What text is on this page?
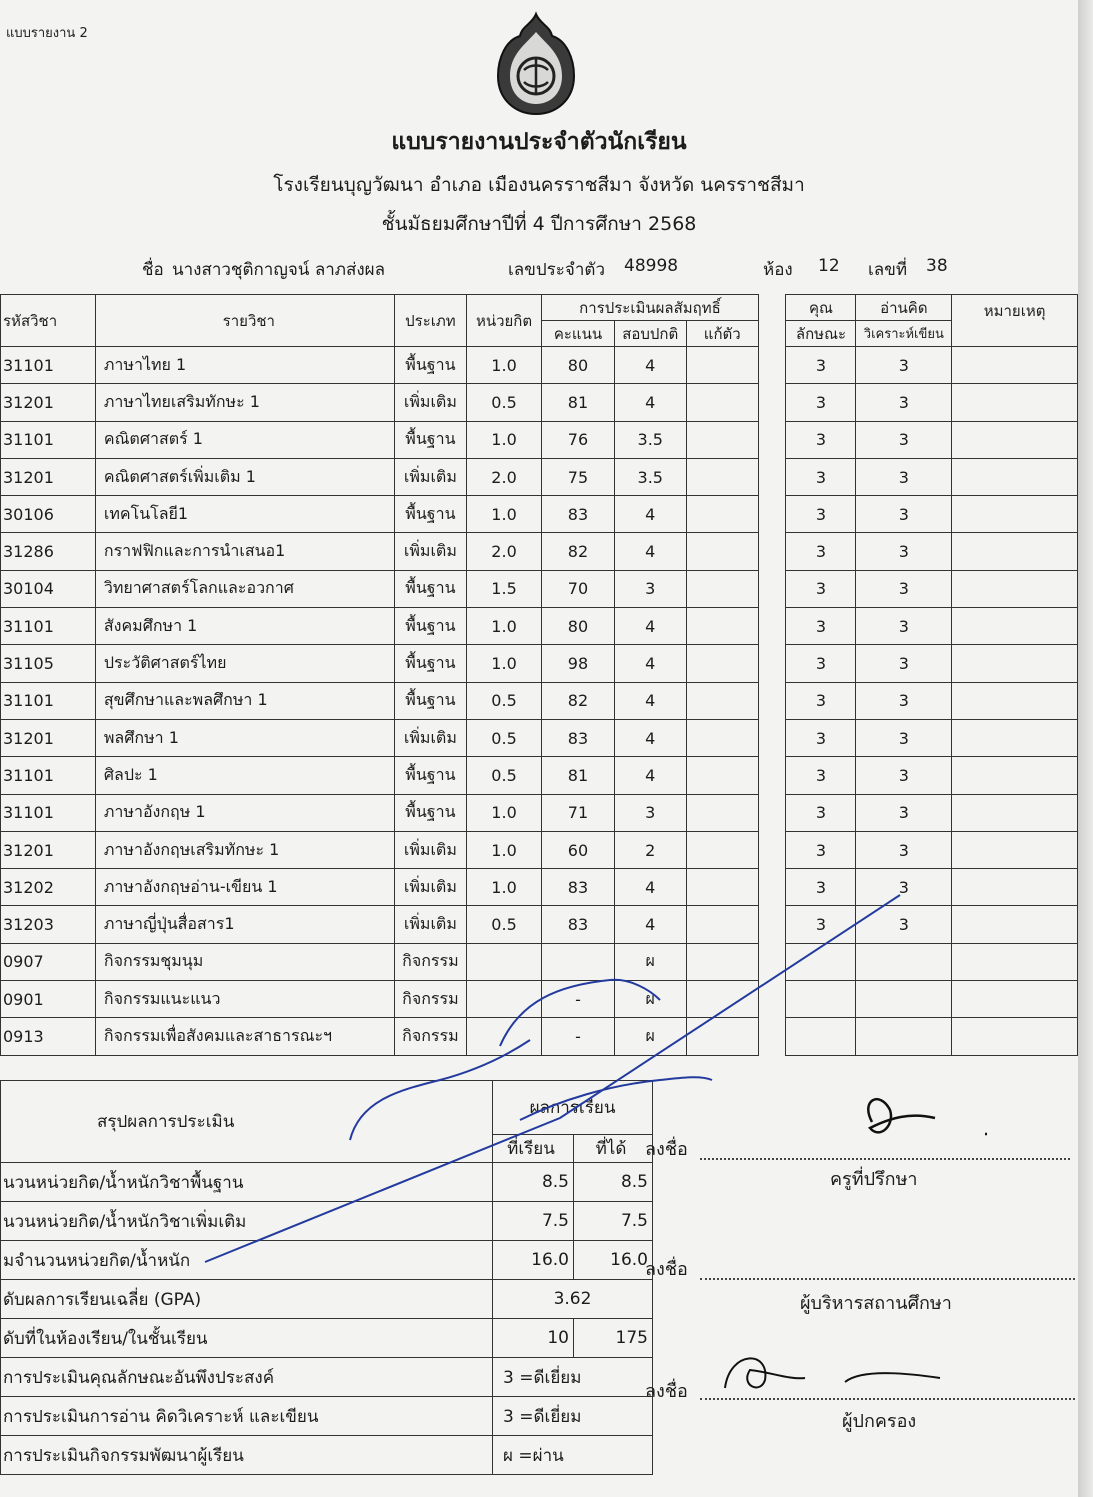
แบบรายงาน 2
แบบรายงานประจำตัวนักเรียน
โรงเรียนบุญวัฒนา อำเภอ เมืองนครราชสีมา จังหวัด นครราชสีมา
ชั้นมัธยมศึกษาปีที่ 4 ปีการศึกษา 2568
ชื่อ นางสาวชุติกาญจน์ ลาภส่งผล	เลขประจำตัว 48998	ห้อง 12 เลขที่ 38
รหัสวิชา	รายวิชา	ประเภท	หน่วยกิต	การประเมินผลสัมฤทธิ์				คุณ	อ่านคิด	หมายเหตุ
				คะแนน	สอบปกติ	แก้ตัว		ลักษณะ	วิเคราะห์เขียน	
31101	ภาษาไทย 1	พื้นฐาน	1.0	80	4			3	3	
31201	ภาษาไทยเสริมทักษะ 1	เพิ่มเติม	0.5	81	4			3	3	
31101	คณิตศาสตร์ 1	พื้นฐาน	1.0	76	3.5			3	3	
31201	คณิตศาสตร์เพิ่มเติม 1	เพิ่มเติม	2.0	75	3.5			3	3	
30106	เทคโนโลยี1	พื้นฐาน	1.0	83	4			3	3	
31286	กราฟฟิกและการนำเสนอ1	เพิ่มเติม	2.0	82	4			3	3	
30104	วิทยาศาสตร์โลกและอวกาศ	พื้นฐาน	1.5	70	3			3	3	
31101	สังคมศึกษา 1	พื้นฐาน	1.0	80	4			3	3	
31105	ประวัติศาสตร์ไทย	พื้นฐาน	1.0	98	4			3	3	
31101	สุขศึกษาและพลศึกษา 1	พื้นฐาน	0.5	82	4			3	3	
31201	พลศึกษา 1	เพิ่มเติม	0.5	83	4			3	3	
31101	ศิลปะ 1	พื้นฐาน	0.5	81	4			3	3	
31101	ภาษาอังกฤษ 1	พื้นฐาน	1.0	71	3			3	3	
31201	ภาษาอังกฤษเสริมทักษะ 1	เพิ่มเติม	1.0	60	2			3	3	
31202	ภาษาอังกฤษอ่าน-เขียน 1	เพิ่มเติม	1.0	83	4			3	3	
31203	ภาษาญี่ปุ่นสื่อสาร1	เพิ่มเติม	0.5	83	4			3	3	
0907	กิจกรรมชุมนุม	กิจกรรม			ผ					
0901	กิจกรรมแนะแนว	กิจกรรม		-	ผ					
0913	กิจกรรมเพื่อสังคมและสาธารณะฯ	กิจกรรม		-	ผ					
สรุปผลการประเมิน	ผลการเรียน	
	ที่เรียน	ที่ได้
นวนหน่วยกิต/น้ำหนักวิชาพื้นฐาน	8.5	8.5
นวนหน่วยกิต/น้ำหนักวิชาเพิ่มเติม	7.5	7.5
มจำนวนหน่วยกิต/น้ำหนัก	16.0	16.0
ดับผลการเรียนเฉลี่ย (GPA)	3.62	
ดับที่ในห้องเรียน/ในชั้นเรียน	10	175
การประเมินคุณลักษณะอันพึงประสงค์	3 =ดีเยี่ยม	
การประเมินการอ่าน คิดวิเคราะห์ และเขียน	3 =ดีเยี่ยม	
การประเมินกิจกรรมพัฒนาผู้เรียน	ผ =ผ่าน	
ลงชื่อ
ครูที่ปรึกษา
ลงชื่อ
ผู้บริหารสถานศึกษา
ลงชื่อ
ผู้ปกครอง
